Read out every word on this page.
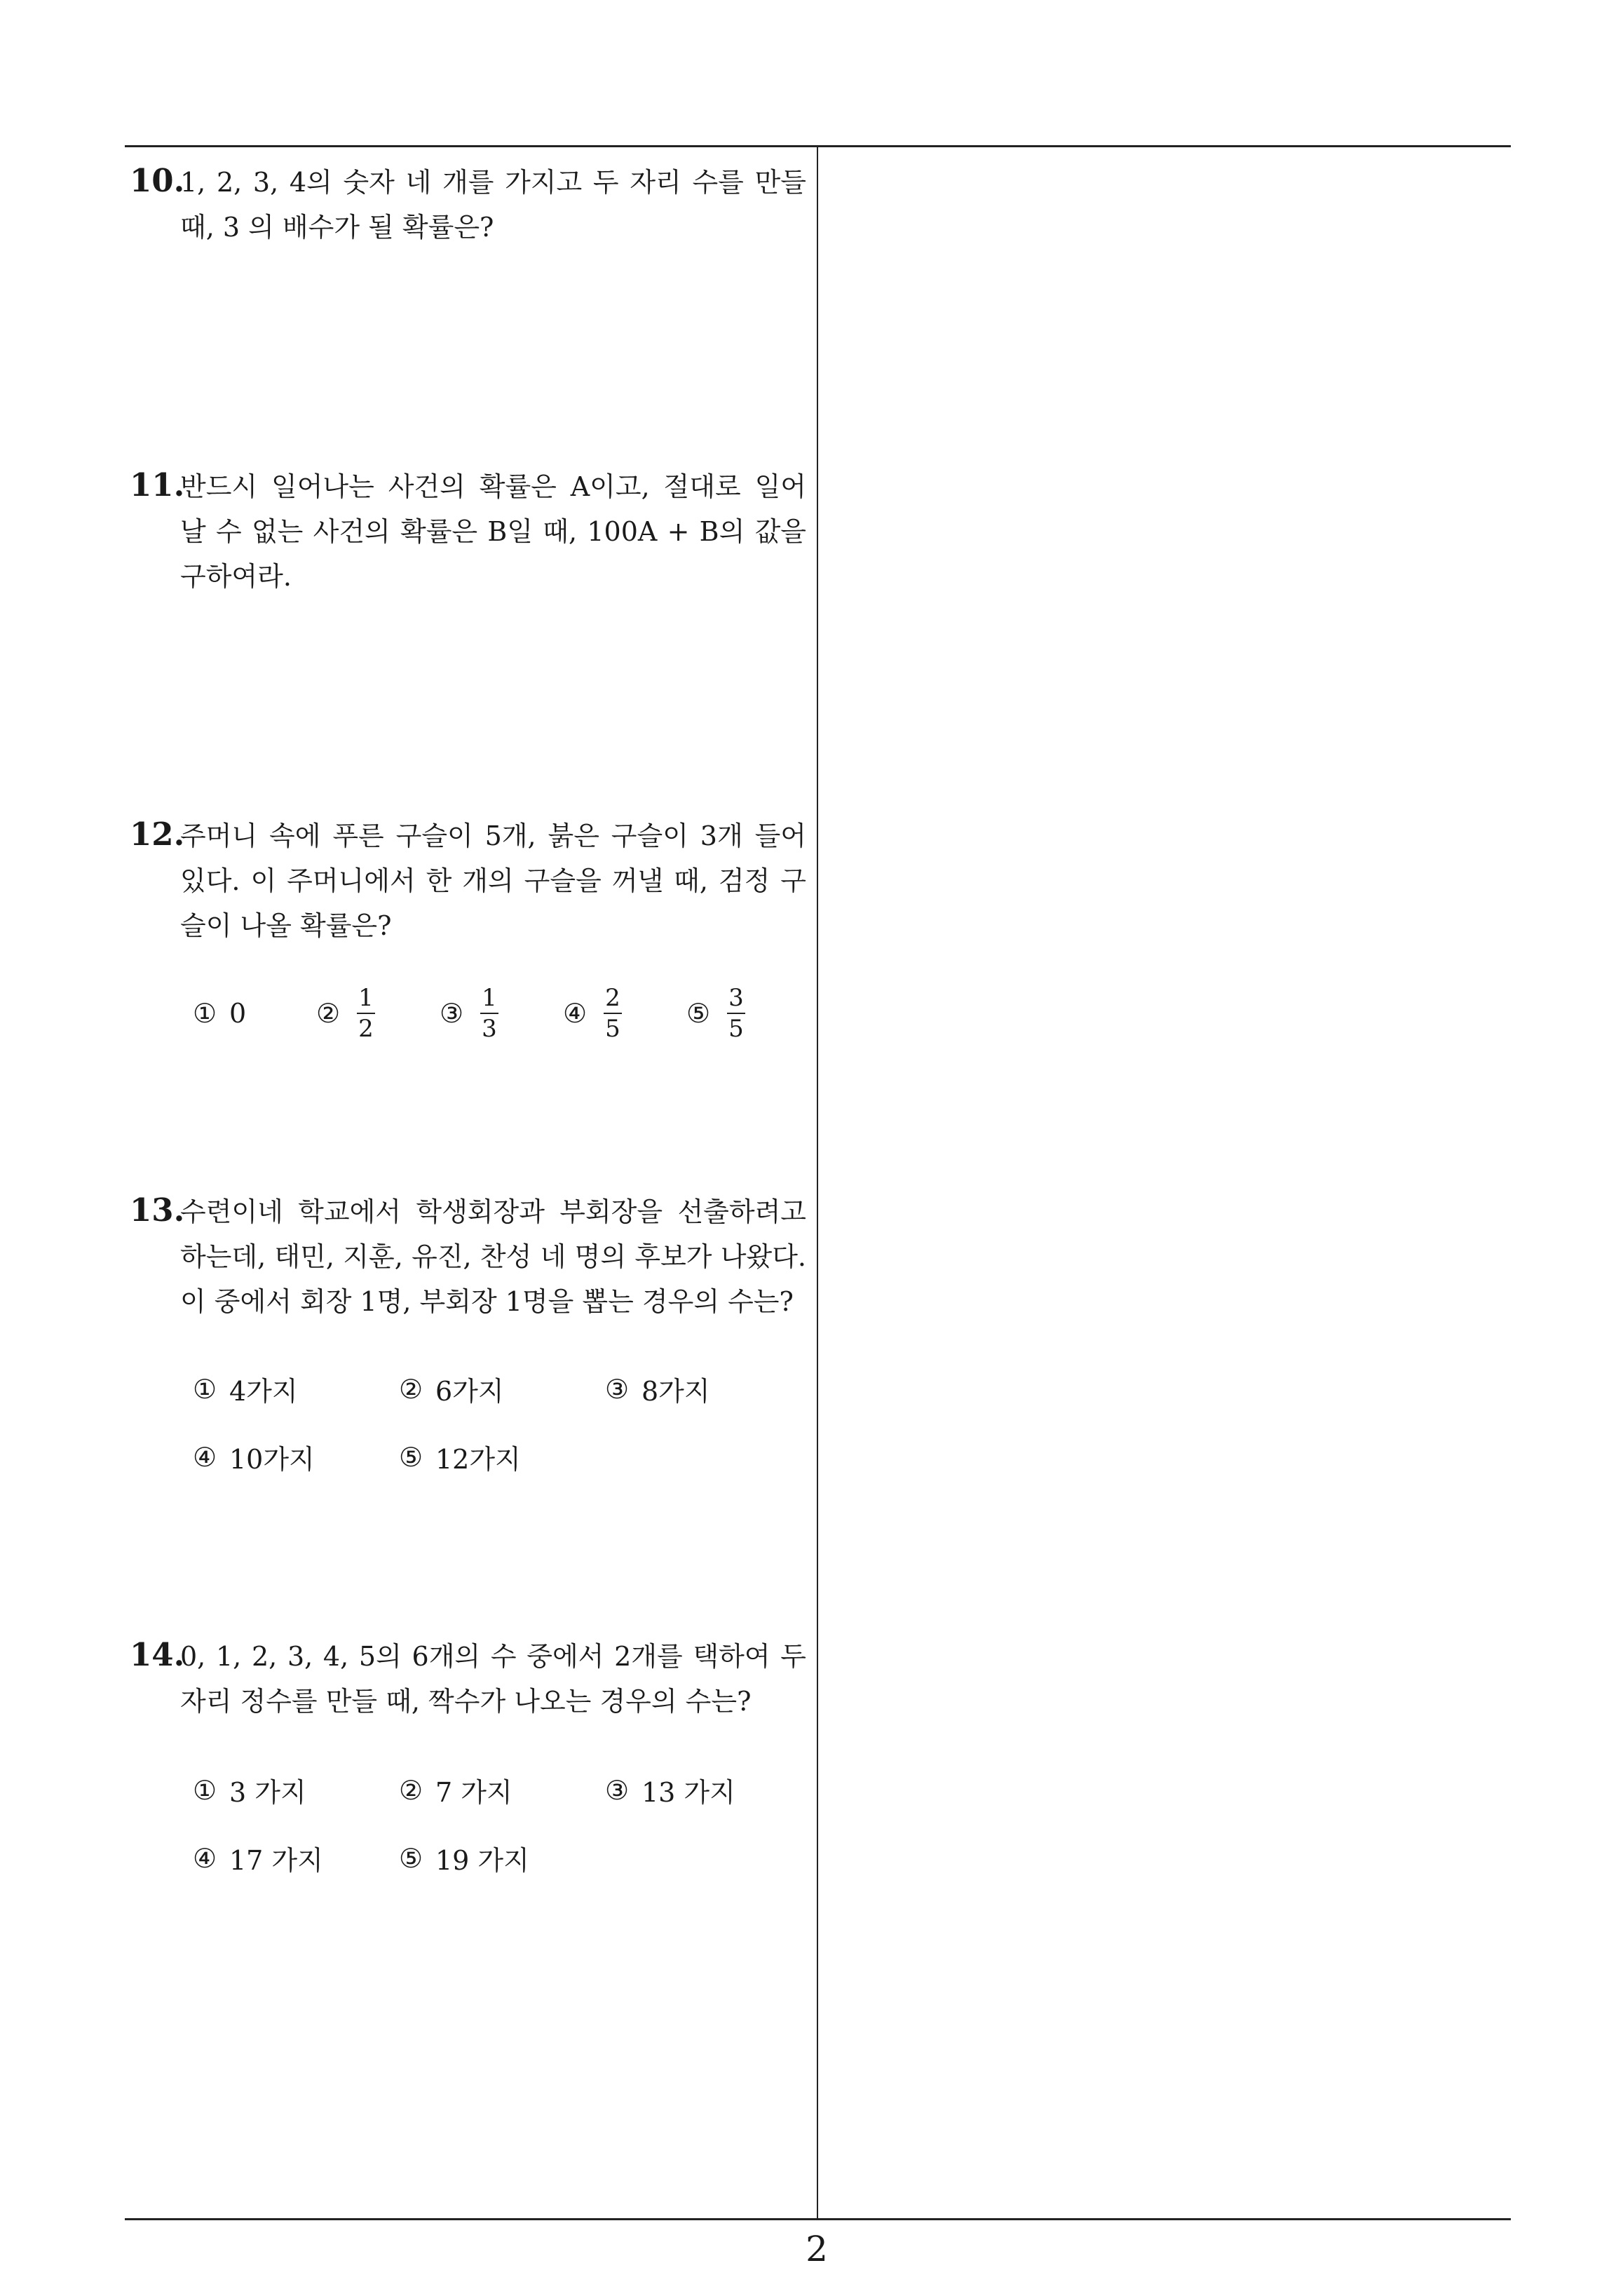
10.
1, 2, 3, 4의 숫자 네 개를 가지고 두 자리 수를 만들
때, 3 의 배수가 될 확률은?
11.
반드시 일어나는 사건의 확률은 A이고, 절대로 일어
날 수 없는 사건의 확률은 B일 때, 100A + B의 값을
구하여라.
12.
주머니 속에 푸른 구슬이 5개, 붉은 구슬이 3개 들어
있다. 이 주머니에서 한 개의 구슬을 꺼낼 때, 검정 구
슬이 나올 확률은?
① 0	② $\frac{1}{2}$ ③ $\frac{1}{3}$ ④ $\frac{2}{5}$ ⑤ $\frac{3}{5}$
13.
수련이네 학교에서 학생회장과 부회장을 선출하려고
하는데, 태민, 지훈, 유진, 찬성 네 명의 후보가 나왔다.
이 중에서 회장 1명, 부회장 1명을 뽑는 경우의 수는?
① 4가지	② 6가지	③ 8가지
④ 10가지	⑤ 12가지
14.
0, 1, 2, 3, 4, 5의 6개의 수 중에서 2개를 택하여 두
자리 정수를 만들 때, 짝수가 나오는 경우의 수는?
① 3 가지	② 7 가지	③ 13 가지
④ 17 가지	⑤ 19 가지
2
